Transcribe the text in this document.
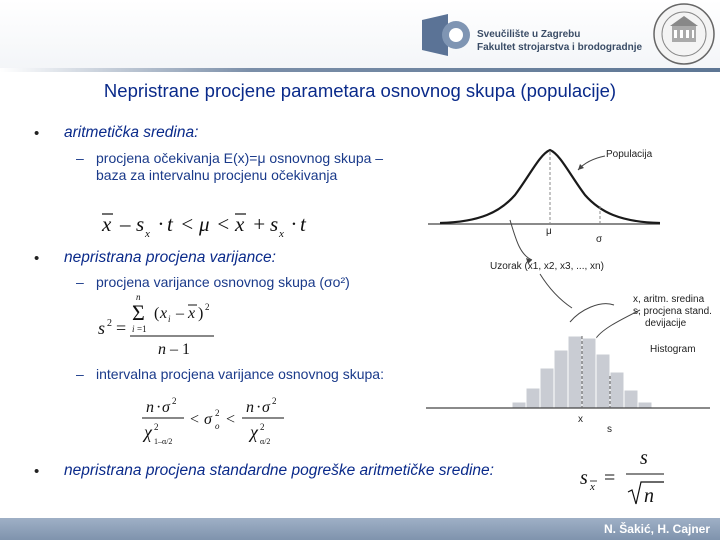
Sveučilište u Zagrebu
Fakultet strojarstva i brodogradnje
Nepristrane procjene parametara osnovnog skupa (populacije)
• aritmetička sredina:
– procjena očekivanja E(x)=μ osnovnog skupa – baza za intervalnu procjenu očekivanja
x – s x · t < μ < x + s x · t
• nepristrana procjena varijance:
– procjena varijance osnovnog skupa (σo²)
s 2 =
n
Σ
i =1
( x i – x ) 2
n – 1
– intervalna procjena varijance osnovnog skupa:
n · σ 2
χ 2
1–α/2
< σ 2
o <
n · σ 2
χ 2
α/2
• nepristrana procjena standardne pogreške aritmetičke sredine:	s x =
s
n
Populacija
μ
σ
Uzorak (x1, x2, x3, ..., xn)
x, aritm. sredina
s, procjena stand.
devijacije
Histogram
x
s
N. Šakić, H. Cajner
